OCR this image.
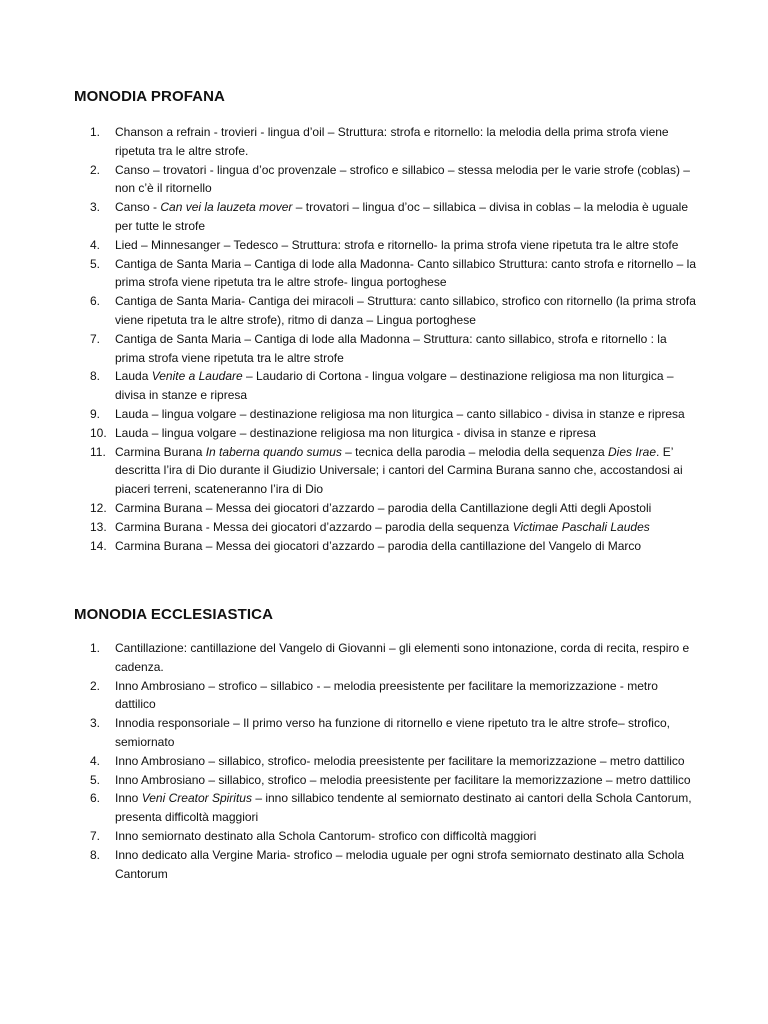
MONODIA PROFANA
1.	Chanson a refrain - trovieri - lingua d’oil – Struttura: strofa e ritornello: la melodia della prima strofa viene ripetuta tra le altre strofe.
2.	Canso – trovatori - lingua d’oc provenzale – strofico e sillabico – stessa melodia per le varie strofe (coblas) – non c’è il ritornello
3.	Canso - Can vei la lauzeta mover – trovatori – lingua d’oc – sillabica – divisa in coblas – la melodia è uguale per tutte le strofe
4.	Lied – Minnesanger – Tedesco – Struttura: strofa e ritornello- la prima strofa viene ripetuta tra le altre stofe
5.	Cantiga de Santa Maria – Cantiga di lode alla Madonna- Canto sillabico Struttura: canto strofa e ritornello – la prima strofa viene ripetuta tra le altre strofe- lingua portoghese
6.	Cantiga de Santa Maria- Cantiga dei miracoli – Struttura: canto sillabico, strofico con ritornello (la prima strofa viene ripetuta tra le altre strofe), ritmo di danza – Lingua portoghese
7.	Cantiga de Santa Maria – Cantiga di lode alla Madonna – Struttura: canto sillabico, strofa e ritornello : la prima strofa viene ripetuta tra le altre strofe
8.	Lauda Venite a Laudare – Laudario di Cortona - lingua volgare – destinazione religiosa ma non liturgica – divisa in stanze e ripresa
9.	Lauda – lingua volgare – destinazione religiosa ma non liturgica – canto sillabico - divisa in stanze e ripresa
10. Lauda – lingua volgare – destinazione religiosa ma non liturgica - divisa in stanze e ripresa
11. Carmina Burana In taberna quando sumus – tecnica della parodia – melodia della sequenza Dies Irae. E’ descritta l’ira di Dio durante il Giudizio Universale; i cantori del Carmina Burana sanno che, accostandosi ai piaceri terreni, scateneranno l’ira di Dio
12. Carmina Burana – Messa dei giocatori d’azzardo – parodia della Cantillazione degli Atti degli Apostoli
13. Carmina Burana - Messa dei giocatori d’azzardo – parodia della sequenza Victimae Paschali Laudes
14. Carmina Burana – Messa dei giocatori d’azzardo – parodia della cantillazione del Vangelo di Marco
MONODIA ECCLESIASTICA
1.	Cantillazione: cantillazione del Vangelo di Giovanni – gli elementi sono intonazione, corda di recita, respiro e cadenza.
2.	Inno Ambrosiano – strofico – sillabico - – melodia preesistente per facilitare la memorizzazione - metro dattilico
3.	Innodia responsoriale – Il primo verso ha funzione di ritornello e viene ripetuto tra le altre strofe– strofico, semiornato
4.	Inno Ambrosiano – sillabico, strofico- melodia preesistente per facilitare la memorizzazione – metro dattilico
5.	Inno Ambrosiano – sillabico, strofico – melodia preesistente per facilitare la memorizzazione – metro dattilico
6.	Inno Veni Creator Spiritus – inno sillabico tendente al semiornato destinato ai cantori della Schola Cantorum, presenta difficoltà maggiori
7.	Inno semiornato destinato alla Schola Cantorum- strofico con difficoltà maggiori
8.	Inno dedicato alla Vergine Maria- strofico – melodia uguale per ogni strofa semiornato destinato alla Schola Cantorum
